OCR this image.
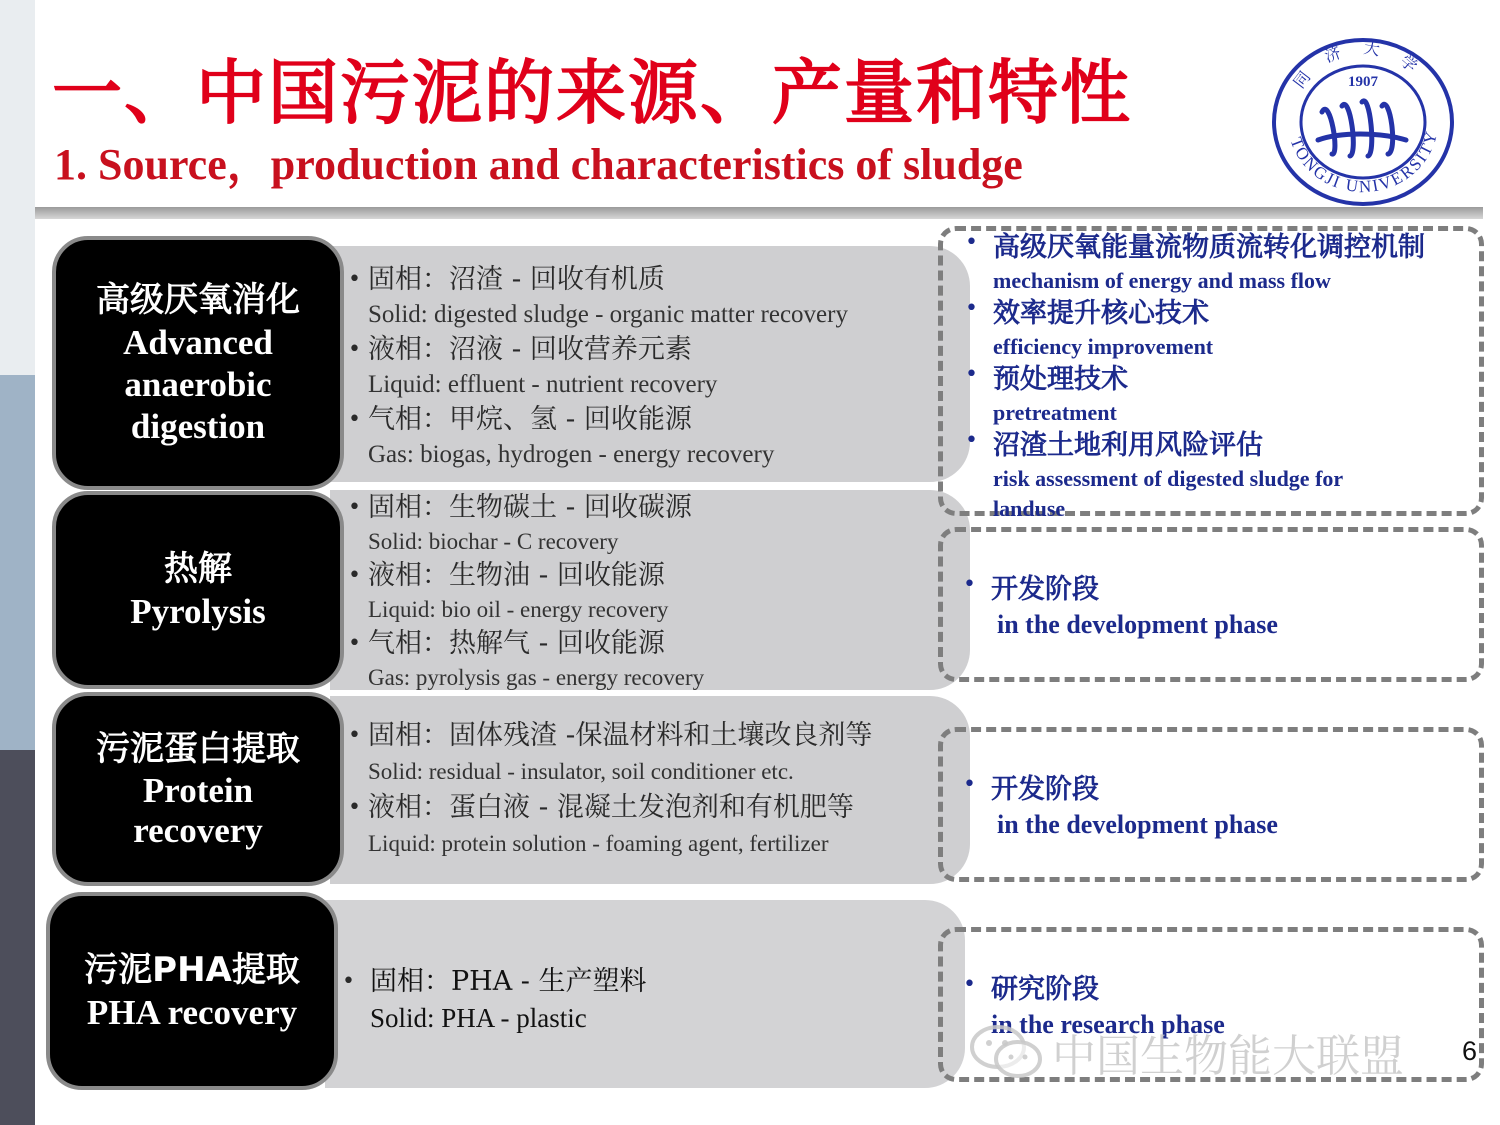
一、中国污泥的来源、产量和特性
1. Source，production and characteristics of sludge	TONGJI UNIVERSITY
同 济 大 学
1907
高级厌氧消化
Advanced
anaerobic
digestion
热解
Pyrolysis
污泥蛋白提取
Protein
recovery
污泥PHA提取
PHA recovery
• 固相：沼渣 - 回收有机质
Solid: digested sludge - organic matter recovery
• 液相：沼液 - 回收营养元素
Liquid: effluent - nutrient recovery
• 气相：甲烷、氢 - 回收能源
Gas: biogas, hydrogen - energy recovery
• 固相：生物碳土 - 回收碳源
Solid: biochar - C recovery
• 液相：生物油 - 回收能源
Liquid: bio oil - energy recovery
• 气相：热解气 - 回收能源
Gas: pyrolysis gas - energy recovery
• 固相：固体残渣 -保温材料和土壤改良剂等
Solid: residual - insulator, soil conditioner etc.
• 液相：蛋白液 - 混凝土发泡剂和有机肥等
Liquid: protein solution - foaming agent, fertilizer
• 固相：PHA - 生产塑料
Solid: PHA - plastic
• 高级厌氧能量流物质流转化调控机制
mechanism of energy and mass flow
• 效率提升核心技术
efficiency improvement
• 预处理技术
pretreatment
• 沼渣土地利用风险评估
risk assessment of digested sludge for
landuse
• 开发阶段
in the development phase
• 开发阶段
in the development phase
• 研究阶段
in the research phase
中国生物能大联盟 6
